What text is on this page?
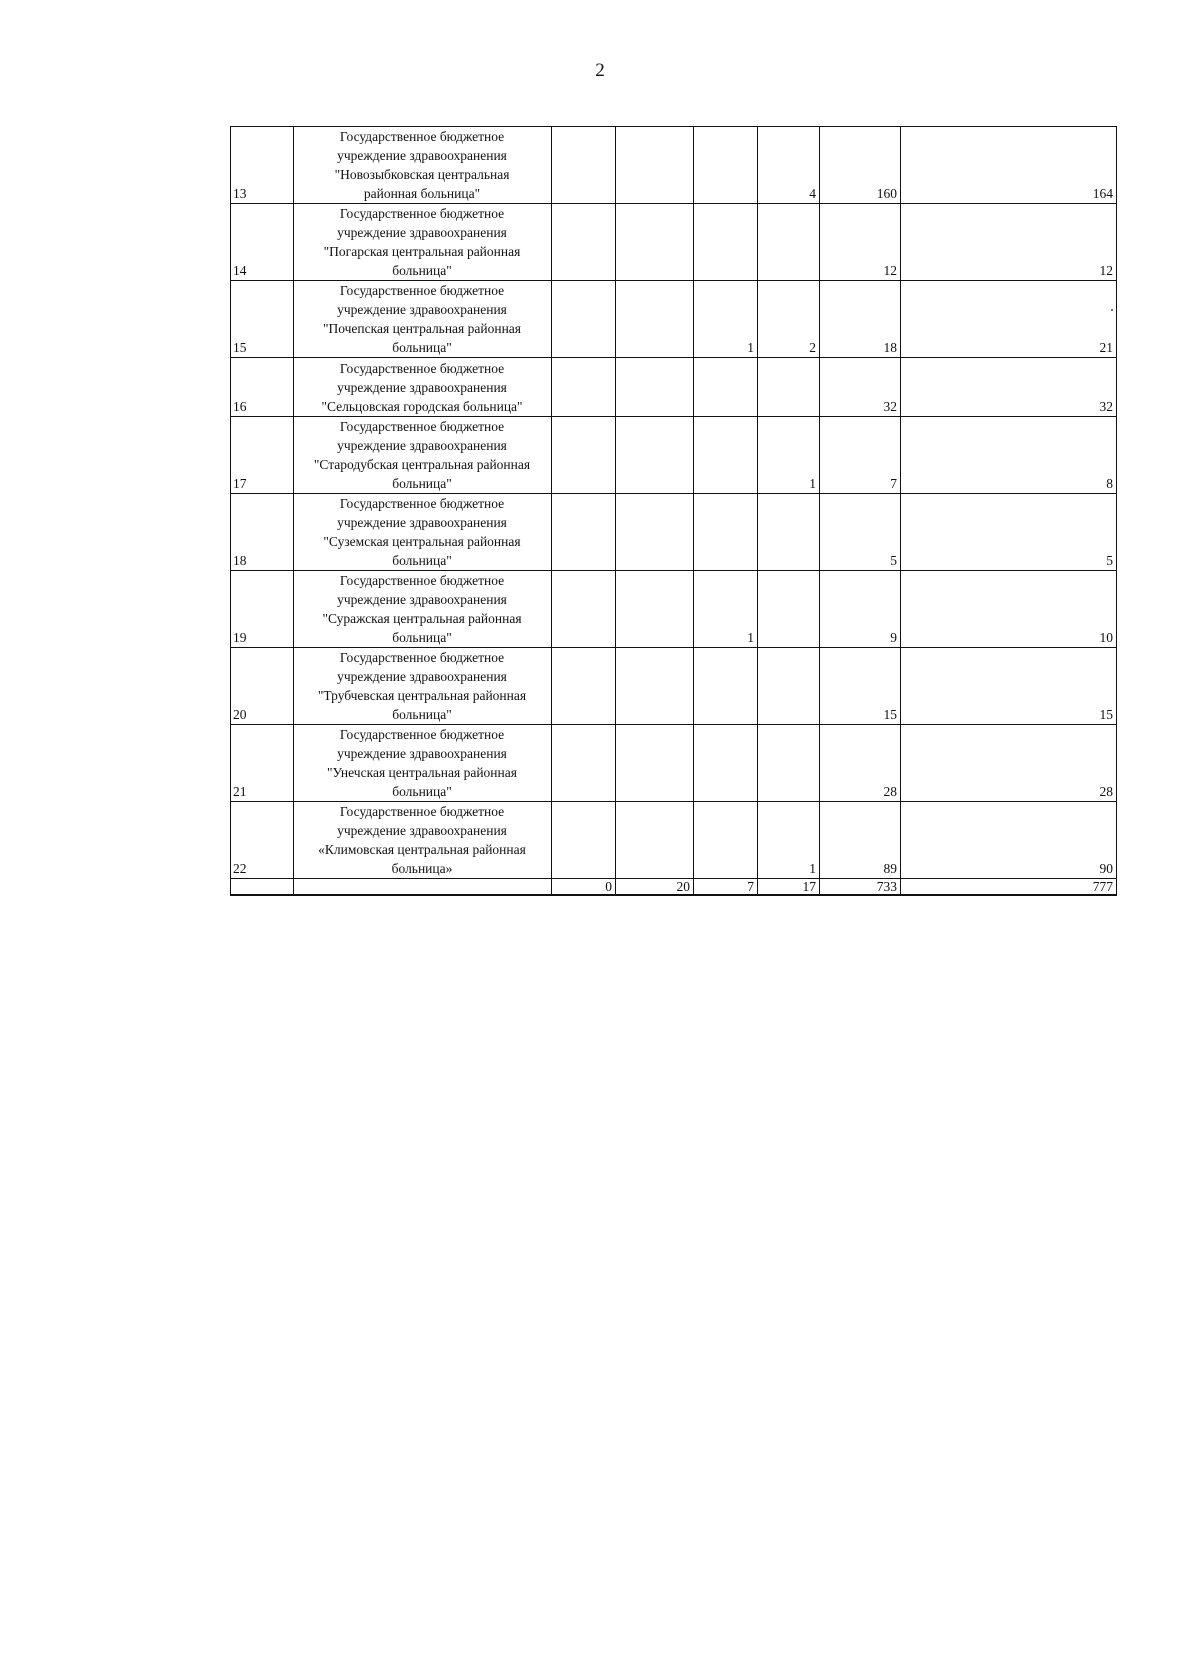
2
13	Государственное бюджетное
учреждение здравоохранения
"Новозыбковская центральная
районная больница"				4	160	164
14	Государственное бюджетное
учреждение здравоохранения
"Погарская центральная районная
больница"					12	12
15	Государственное бюджетное
учреждение здравоохранения
"Почепская центральная районная
больница"			1	2	18	21
16	Государственное бюджетное
учреждение здравоохранения
"Сельцовская городская больница"					32	32
17	Государственное бюджетное
учреждение здравоохранения
"Стародубская центральная районная
больница"				1	7	8
18	Государственное бюджетное
учреждение здравоохранения
"Суземская центральная районная
больница"					5	5
19	Государственное бюджетное
учреждение здравоохранения
"Суражская центральная районная
больница"			1		9	10
20	Государственное бюджетное
учреждение здравоохранения
"Трубчевская центральная районная
больница"					15	15
21	Государственное бюджетное
учреждение здравоохранения
"Унечская центральная районная
больница"					28	28
22	Государственное бюджетное
учреждение здравоохранения
«Климовская центральная районная
больница»				1	89	90
		0	20	7	17	733	777
